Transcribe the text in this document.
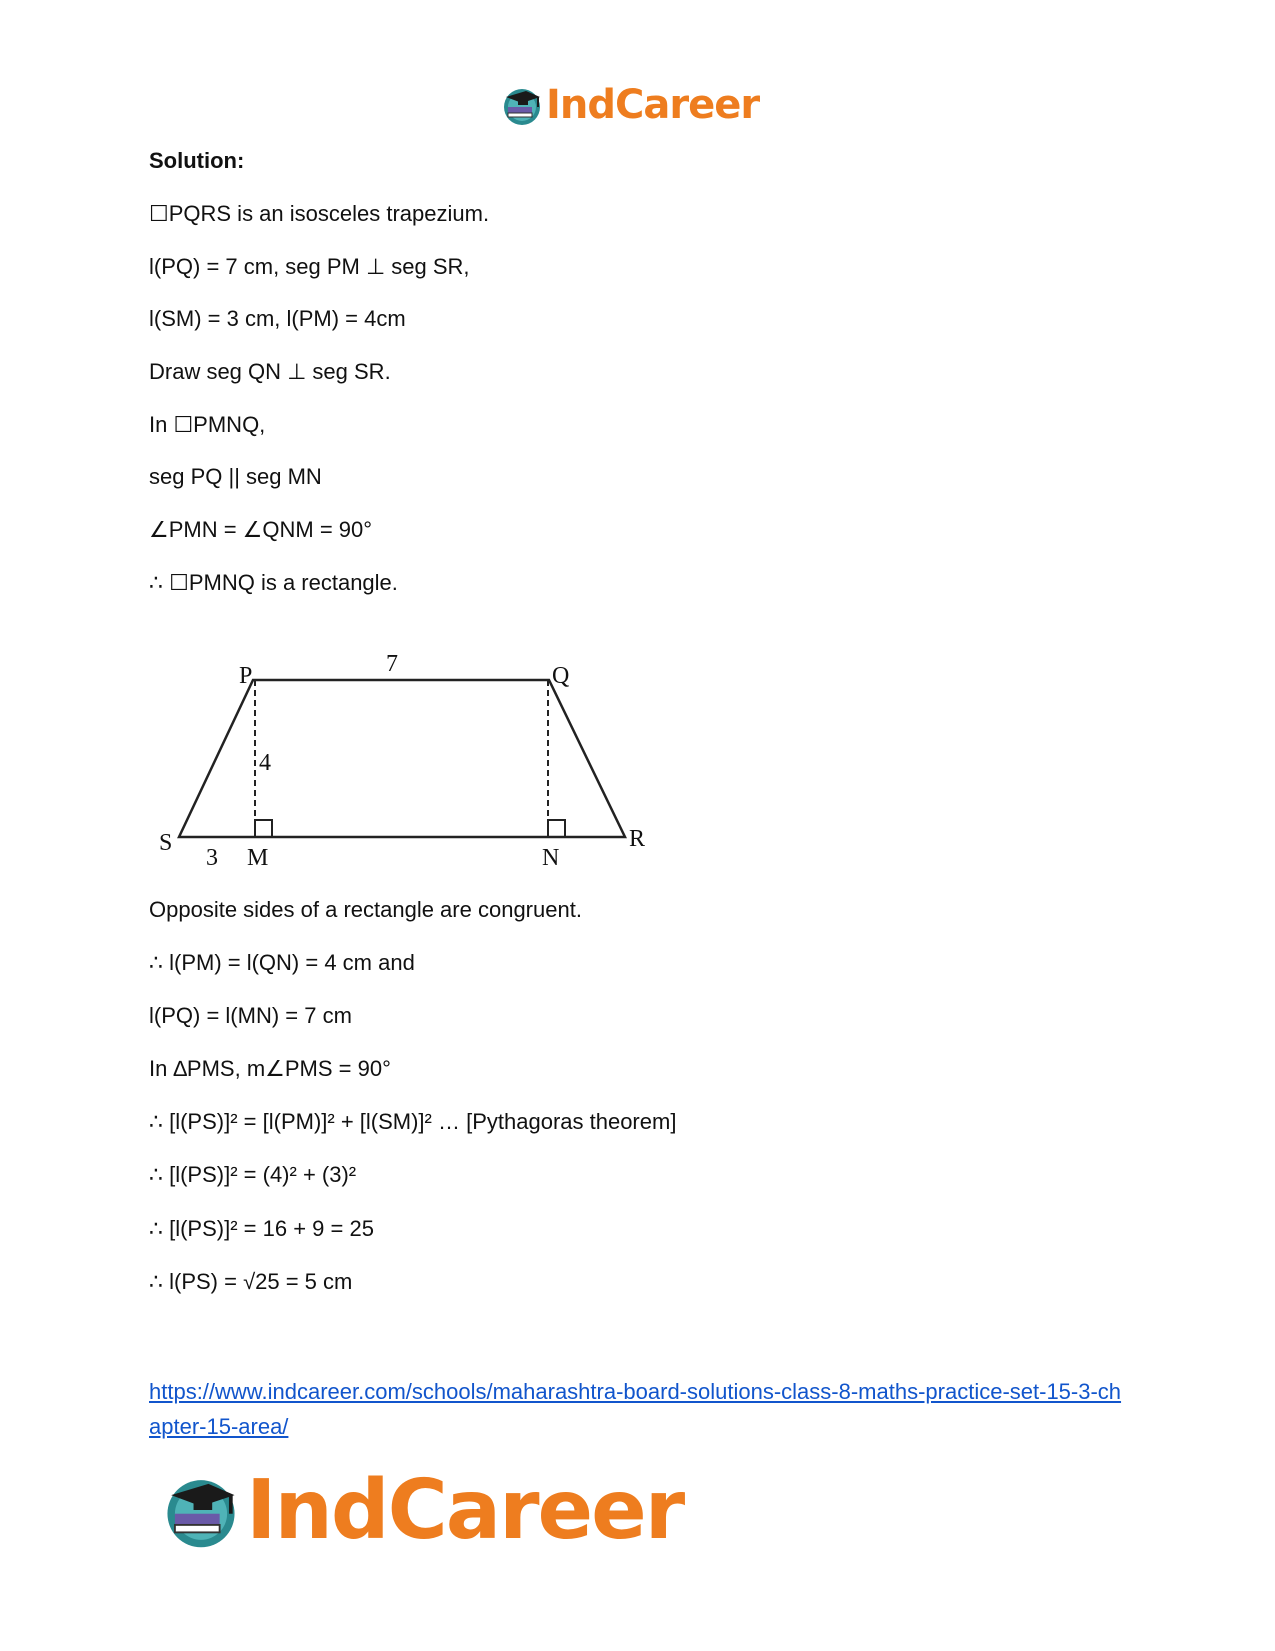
IndCareer
Solution:
☐PQRS is an isosceles trapezium.
l(PQ) = 7 cm, seg PM ⊥ seg SR,
l(SM) = 3 cm, l(PM) = 4cm
Draw seg QN ⊥ seg SR.
In ☐PMNQ,
seg PQ || seg MN
∠PMN = ∠QNM = 90°
∴ ☐PMNQ is a rectangle.
Opposite sides of a rectangle are congruent.
∴ l(PM) = l(QN) = 4 cm and
l(PQ) = l(MN) = 7 cm
In ∆PMS, m∠PMS = 90°
∴ [l(PS)]² = [l(PM)]² + [l(SM)]² … [Pythagoras theorem]
∴ [l(PS)]² = (4)² + (3)²
∴ [l(PS)]² = 16 + 9 = 25
∴ l(PS) = √25 = 5 cm
P	Q
S	R
M	N
7
4
3
https://www.indcareer.com/schools/maharashtra-board-solutions-class-8-maths-practice-set-15-3-chapter-15-area/
IndCareer
